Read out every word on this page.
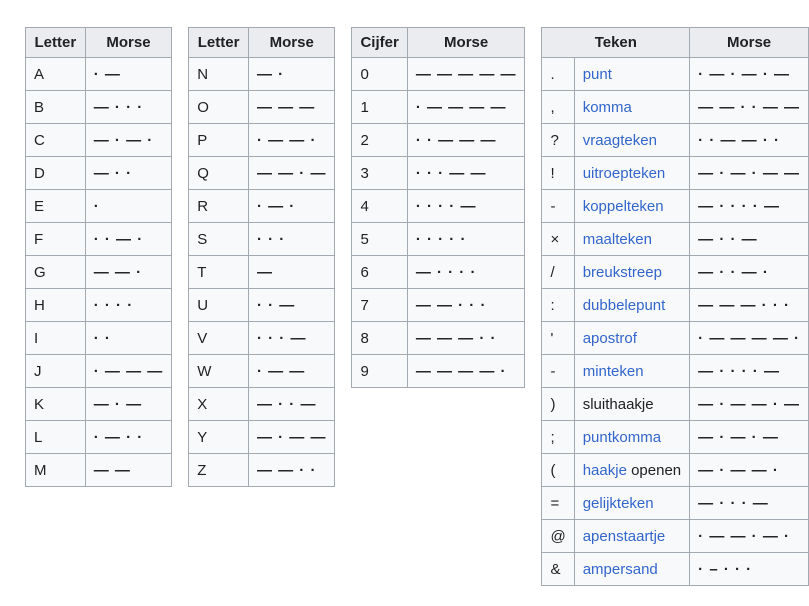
Letter	Morse
A	· —
B	— · · ·
C	— · — ·
D	— · ·
E	·
F	· · — ·
G	— — ·
H	· · · ·
I	· ·
J	· — — —
K	— · —
L	· — · ·
M	— —
Letter	Morse
N	— ·
O	— — —
P	· — — ·
Q	— — · —
R	· — ·
S	· · ·
T	—
U	· · —
V	· · · —
W	· — —
X	— · · —
Y	— · — —
Z	— — · ·
Cijfer	Morse
0	— — — — —
1	· — — — —
2	· · — — —
3	· · · — —
4	· · · · —
5	· · · · ·
6	— · · · ·
7	— — · · ·
8	— — — · ·
9	— — — — ·
Teken		Morse
.	punt	· — · — · —
,	komma	— — · · — —
?	vraagteken	· · — — · ·
!	uitroepteken	— · — · — —
-	koppelteken	— · · · · —
×	maalteken	— · · —
/	breukstreep	— · · — ·
:	dubbelepunt	— — — · · ·
'	apostrof	· — — — — ·
-	minteken	— · · · · —
)	sluithaakje	— · — — · —
;	puntkomma	— · — · —
(	haakje openen	— · — — ·
=	gelijkteken	— · · · —
@	apenstaartje	· — — · — ·
&	ampersand	· – · · ·
